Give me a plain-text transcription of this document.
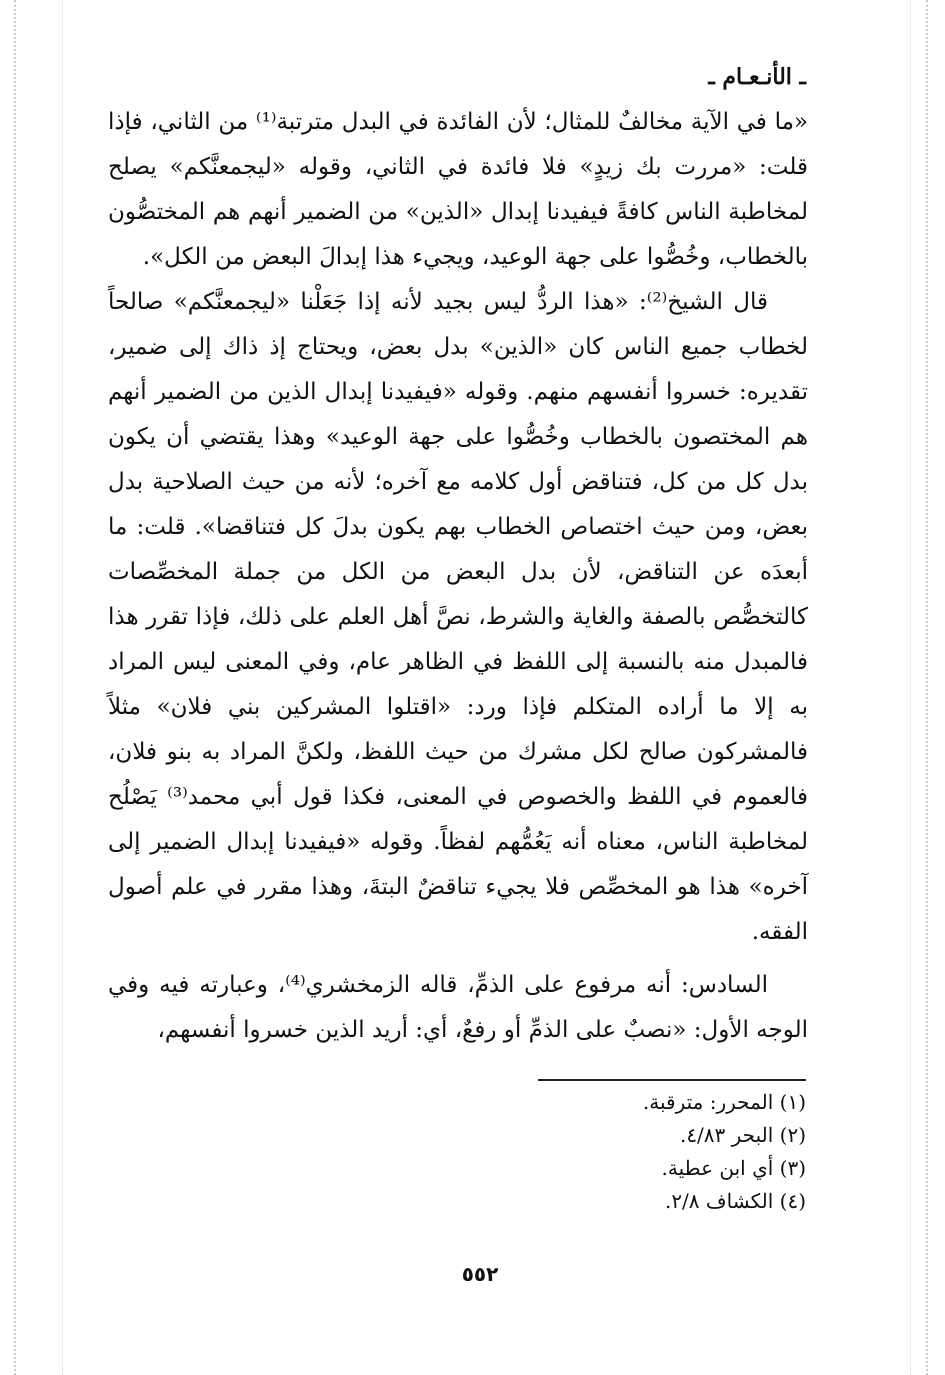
ـ الأنـعـام ـ

«ما في الآية مخالفٌ للمثال؛ لأن الفائدة في البدل مترتبة⁽¹⁾ من الثاني، فإذا قلت: «مررت بك زيدٍ» فلا فائدة في الثاني، وقوله «ليجمعنَّكم» يصلح لمخاطبة الناس كافةً فيفيدنا إبدال «الذين» من الضمير أنهم هم المختصُّون بالخطاب، وخُصُّوا على جهة الوعيد، ويجيء هذا إبدالَ البعض من الكل».

قال الشيخ⁽²⁾: «هذا الردُّ ليس بجيد لأنه إذا جَعَلْنا «ليجمعنَّكم» صالحاً لخطاب جميع الناس كان «الذين» بدل بعض، ويحتاج إذ ذاك إلى ضمير، تقديره: خسروا أنفسهم منهم. وقوله «فيفيدنا إبدال الذين من الضمير أنهم هم المختصون بالخطاب وخُصُّوا على جهة الوعيد» وهذا يقتضي أن يكون بدل كل من كل، فتناقض أول كلامه مع آخره؛ لأنه من حيث الصلاحية بدل بعض، ومن حيث اختصاص الخطاب بهم يكون بدلَ كل فتناقضا». قلت: ما أبعدَه عن التناقض، لأن بدل البعض من الكل من جملة المخصِّصات كالتخصُّص بالصفة والغاية والشرط، نصَّ أهل العلم على ذلك، فإذا تقرر هذا فالمبدل منه بالنسبة إلى اللفظ في الظاهر عام، وفي المعنى ليس المراد به إلا ما أراده المتكلم فإذا ورد: «اقتلوا المشركين بني فلان» مثلاً فالمشركون صالح لكل مشرك من حيث اللفظ، ولكنَّ المراد به بنو فلان، فالعموم في اللفظ والخصوص في المعنى، فكذا قول أبي محمد⁽³⁾ يَصْلُح لمخاطبة الناس، معناه أنه يَعُمُّهم لفظاً. وقوله «فيفيدنا إبدال الضمير إلى آخره» هذا هو المخصِّص فلا يجيء تناقضٌ البتةَ، وهذا مقرر في علم أصول الفقه.

السادس: أنه مرفوع على الذمِّ، قاله الزمخشري⁽⁴⁾، وعبارته فيه وفي الوجه الأول: «نصبٌ على الذمِّ أو رفعٌ، أي: أريد الذين خسروا أنفسهم،

(١) المحرر: مترقبة.

(٢) البحر ٤/٨٣.

(٣) أي ابن عطية.

(٤) الكشاف ٢/٨.

٥٥٢
